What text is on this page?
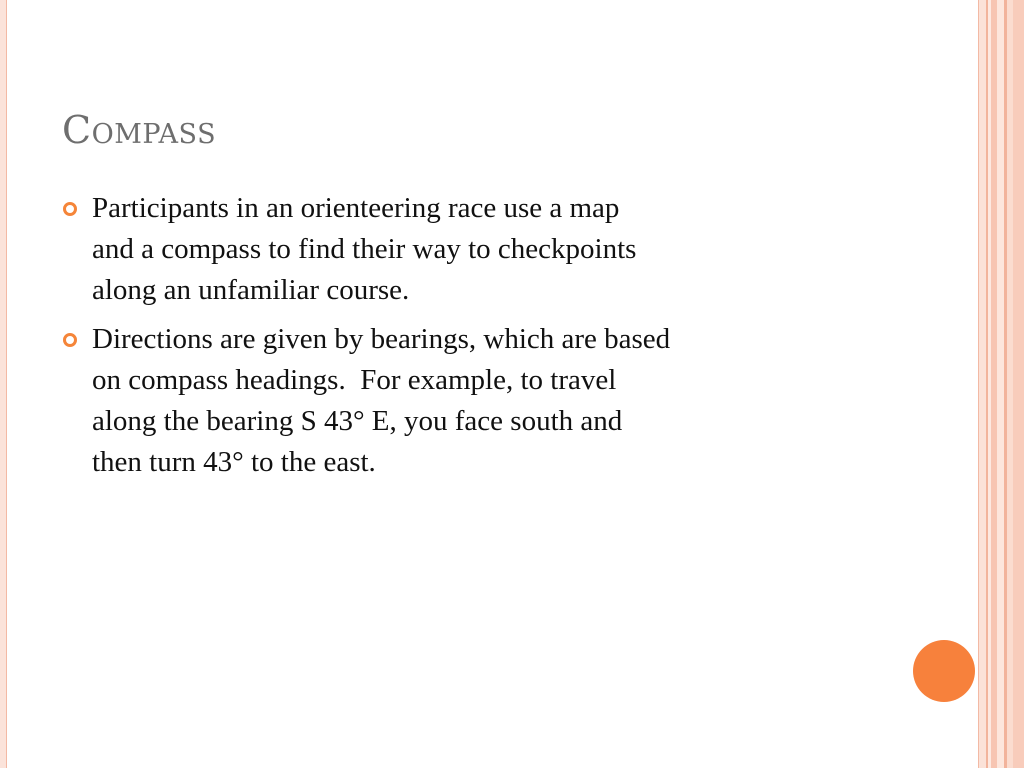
Compass
Participants in an orienteering race use a map
and a compass to find their way to checkpoints
along an unfamiliar course.
Directions are given by bearings, which are based
on compass headings.  For example, to travel
along the bearing S 43° E, you face south and
then turn 43° to the east.
